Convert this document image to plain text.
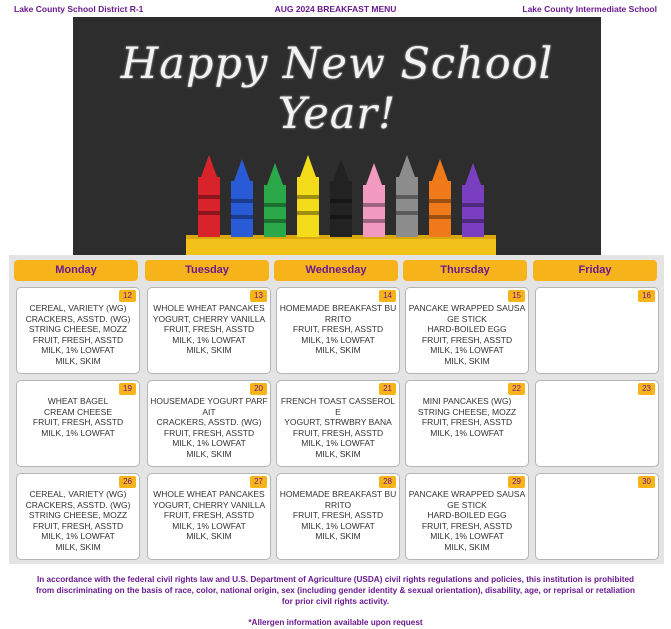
Lake County School District R-1	AUG 2024 BREAKFAST MENU	Lake County Intermediate School
Happy New School Year!
Monday	Tuesday	Wednesday	Thursday	Friday
12
CEREAL, VARIETY (WG)
CRACKERS, ASSTD. (WG)
STRING CHEESE, MOZZ
FRUIT, FRESH, ASSTD
MILK, 1% LOWFAT
MILK, SKIM
13
WHOLE WHEAT PANCAKES
YOGURT, CHERRY VANILLA
FRUIT, FRESH, ASSTD
MILK, 1% LOWFAT
MILK, SKIM
14
HOMEMADE BREAKFAST BU
RRITO
FRUIT, FRESH, ASSTD
MILK, 1% LOWFAT
MILK, SKIM
15
PANCAKE WRAPPED SAUSA
GE STICK
HARD-BOILED EGG
FRUIT, FRESH, ASSTD
MILK, 1% LOWFAT
MILK, SKIM
16
19
WHEAT BAGEL
CREAM CHEESE
FRUIT, FRESH, ASSTD
MILK, 1% LOWFAT
20
HOUSEMADE YOGURT PARF
AIT
CRACKERS, ASSTD. (WG)
FRUIT, FRESH, ASSTD
MILK, 1% LOWFAT
MILK, SKIM
21
FRENCH TOAST CASSEROL
E
YOGURT, STRWBRY BANA
FRUIT, FRESH, ASSTD
MILK, 1% LOWFAT
MILK, SKIM
22
MINI PANCAKES (WG)
STRING CHEESE, MOZZ
FRUIT, FRESH, ASSTD
MILK, 1% LOWFAT
23
26
CEREAL, VARIETY (WG)
CRACKERS, ASSTD. (WG)
STRING CHEESE, MOZZ
FRUIT, FRESH, ASSTD
MILK, 1% LOWFAT
MILK, SKIM
27
WHOLE WHEAT PANCAKES
YOGURT, CHERRY VANILLA
FRUIT, FRESH, ASSTD
MILK, 1% LOWFAT
MILK, SKIM
28
HOMEMADE BREAKFAST BU
RRITO
FRUIT, FRESH, ASSTD
MILK, 1% LOWFAT
MILK, SKIM
29
PANCAKE WRAPPED SAUSA
GE STICK
HARD-BOILED EGG
FRUIT, FRESH, ASSTD
MILK, 1% LOWFAT
MILK, SKIM
30
In accordance with the federal civil rights law and U.S. Department of Agriculture (USDA) civil rights regulations and policies, this institution is prohibited
from discriminating on the basis of race, color, national origin, sex (including gender identity & sexual orientation), disability, age, or reprisal or retaliation
for prior civil rights activity.
*Allergen information available upon request
